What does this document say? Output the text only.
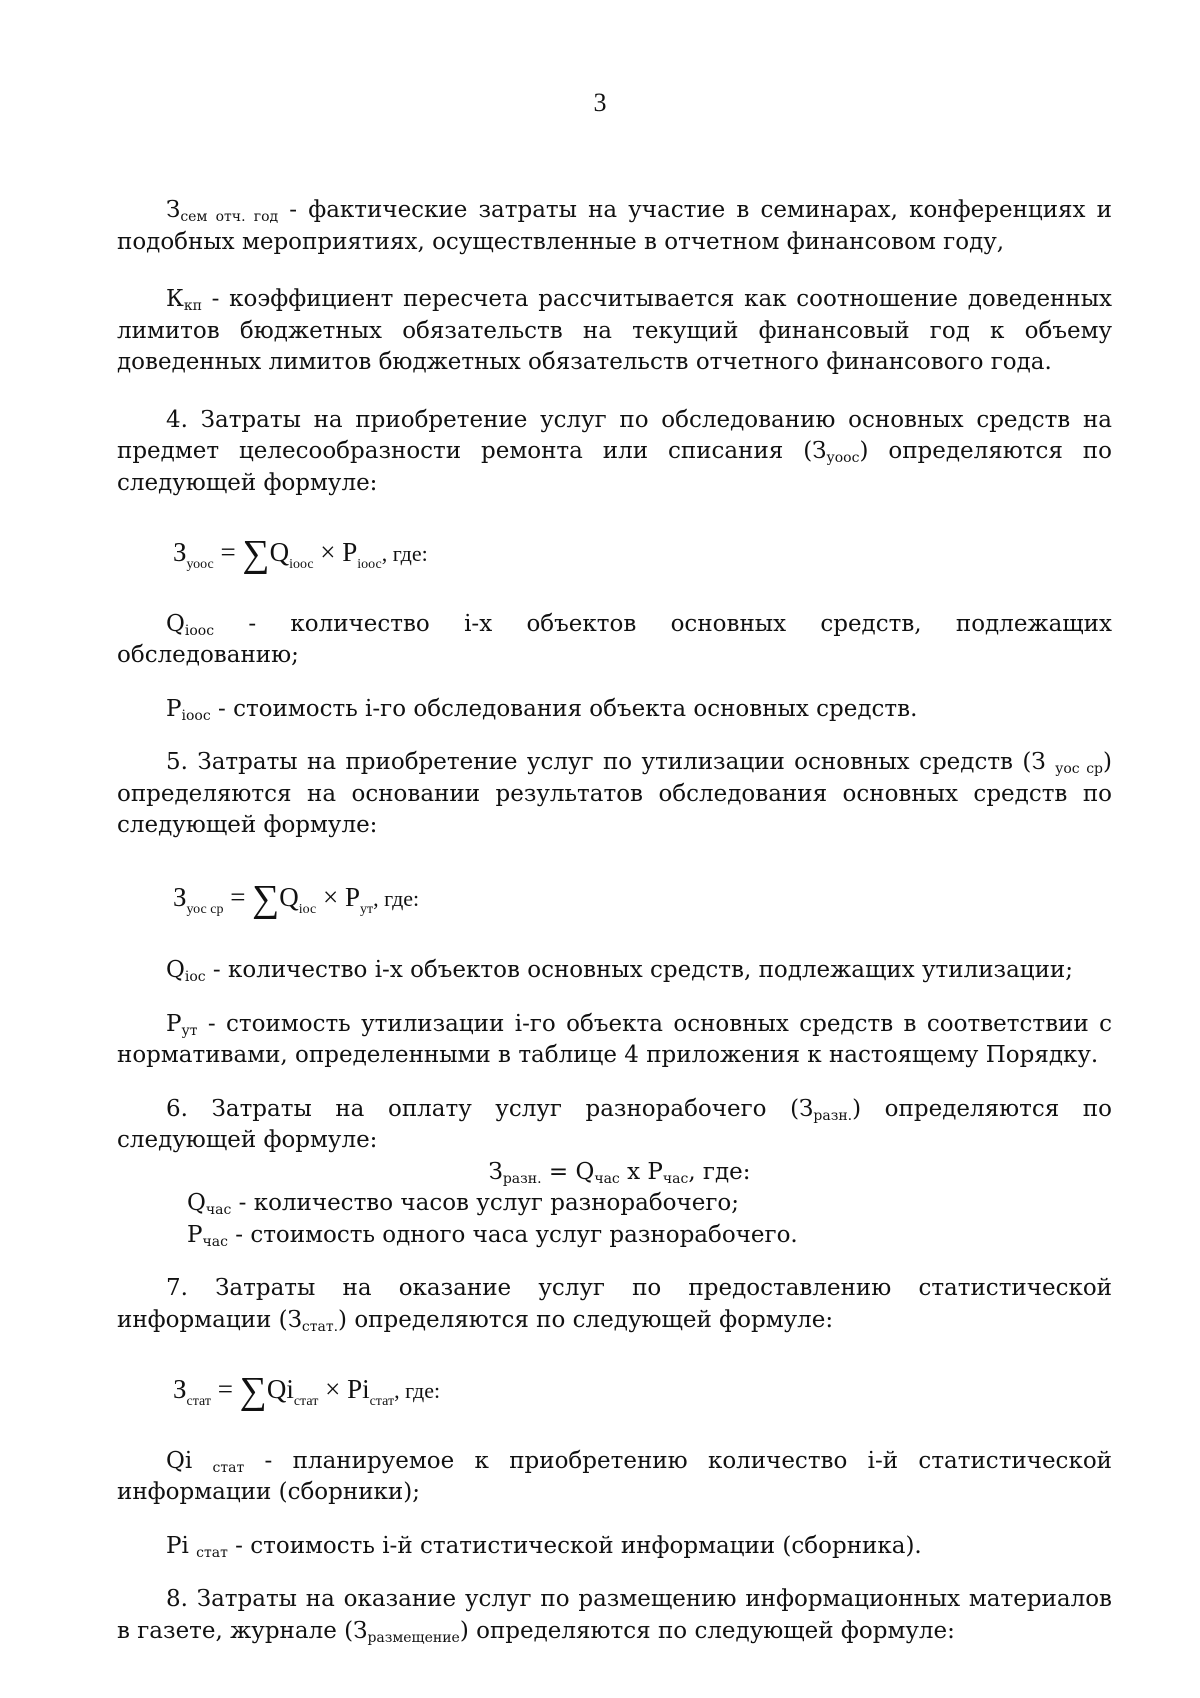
3

$З_{сем отч. год}$ - фактические затраты на участие в семинарах, конференциях и подобных мероприятиях, осуществленные в отчетном финансовом году,

$К_{кп}$ - коэффициент пересчета рассчитывается как соотношение доведенных лимитов бюджетных обязательств на текущий финансовый год к объему доведенных лимитов бюджетных обязательств отчетного финансового года.

4. Затраты на приобретение услуг по обследованию основных средств на предмет целесообразности ремонта или списания $(З_{уоос})$ определяются по следующей формуле:

$З_{уоос} = \sum Q_{iоос} \times P_{iоос}$, где:

$Q_{iоос}$ - количество i-х объектов основных средств, подлежащих обследованию;

$P_{iоос}$ - стоимость i-го обследования объекта основных средств.

5. Затраты на приобретение услуг по утилизации основных средств (З $_{уос ср}$) определяются на основании результатов обследования основных средств по следующей формуле:

$З_{уос ср} = \sum Q_{iос} \times P_{ут}$, где:

$Q_{iос}$ - количество i-х объектов основных средств, подлежащих утилизации;

$P_{ут}$ - стоимость утилизации i-го объекта основных средств в соответствии с нормативами, определенными в таблице 4 приложения к настоящему Порядку.

6. Затраты на оплату услуг разнорабочего $(З_{разн.})$ определяются по следующей формуле:

$З_{разн.} = Q_{час}$ х $P_{час}$, где:

$Q_{час}$ - количество часов услуг разнорабочего;

$P_{час}$ - стоимость одного часа услуг разнорабочего.

7. Затраты на оказание услуг по предоставлению статистической информации $(З_{стат.})$ определяются по следующей формуле:

$З_{стат} = \sum Qi_{стат} \times Pi_{стат}$, где:

Qi $_{стат}$ - планируемое к приобретению количество i-й статистической информации (сборники);

Pi $_{стат}$ - стоимость i-й статистической информации (сборника).

8. Затраты на оказание услуг по размещению информационных материалов в газете, журнале $(З_{размещение})$ определяются по следующей формуле:
